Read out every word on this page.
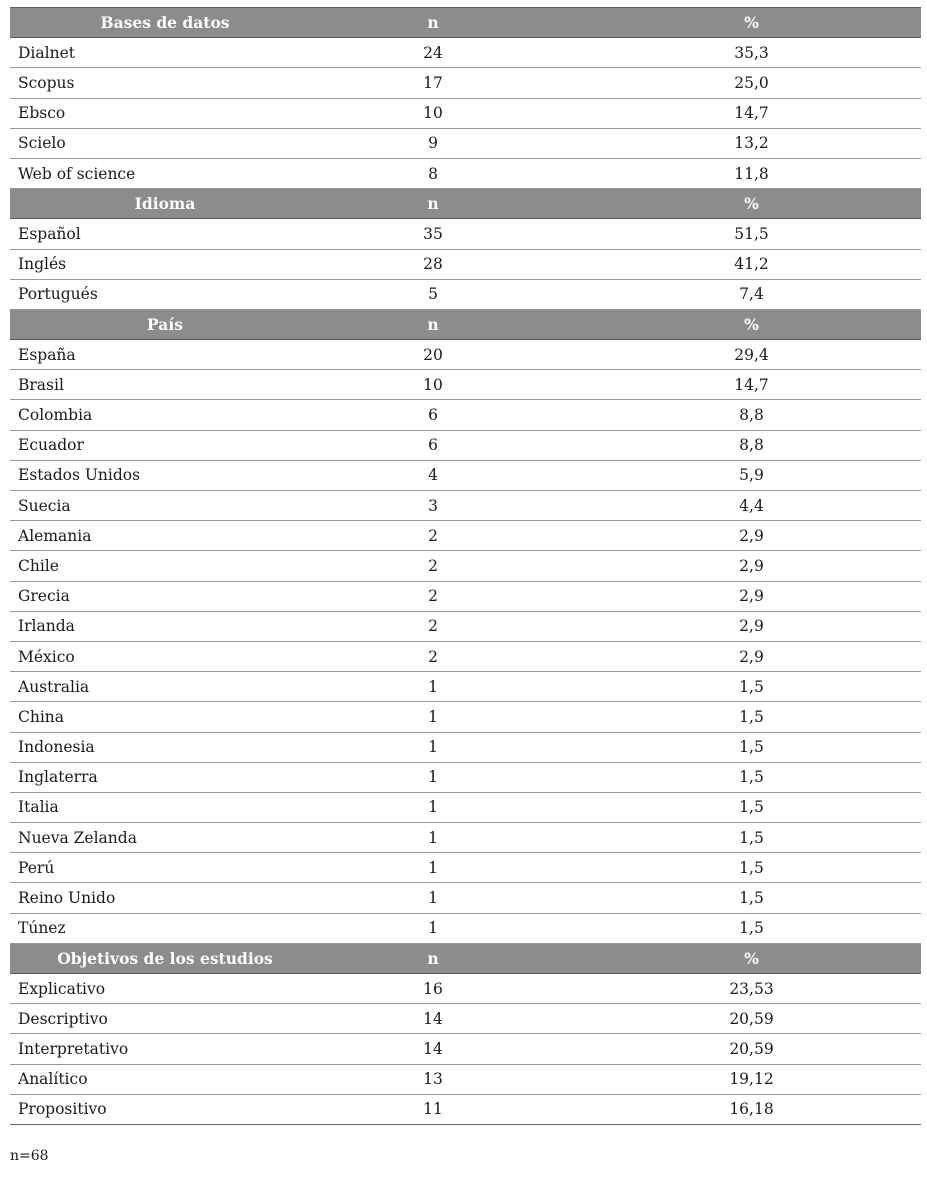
Bases de datos	n	%
Dialnet	24	35,3
Scopus	17	25,0
Ebsco	10	14,7
Scielo	9	13,2
Web of science	8	11,8
Idioma	n	%
Español	35	51,5
Inglés	28	41,2
Portugués	5	7,4
País	n	%
España	20	29,4
Brasil	10	14,7
Colombia	6	8,8
Ecuador	6	8,8
Estados Unidos	4	5,9
Suecia	3	4,4
Alemania	2	2,9
Chile	2	2,9
Grecia	2	2,9
Irlanda	2	2,9
México	2	2,9
Australia	1	1,5
China	1	1,5
Indonesia	1	1,5
Inglaterra	1	1,5
Italia	1	1,5
Nueva Zelanda	1	1,5
Perú	1	1,5
Reino Unido	1	1,5
Túnez	1	1,5
Objetivos de los estudios	n	%
Explicativo	16	23,53
Descriptivo	14	20,59
Interpretativo	14	20,59
Analítico	13	19,12
Propositivo	11	16,18
n=68
